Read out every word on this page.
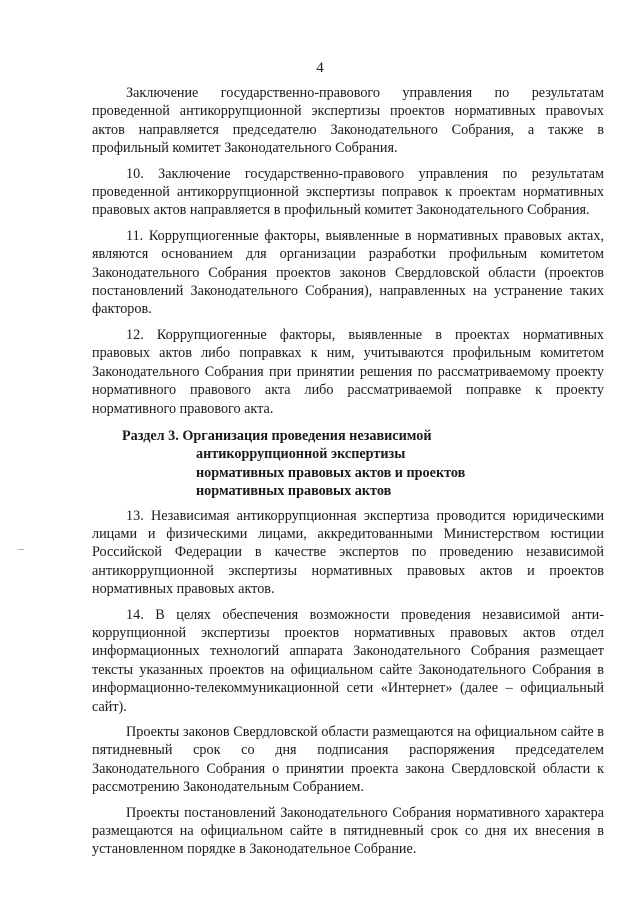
4

Заключение государственно-правового управления по результатам проведенной антикоррупционной экспертизы проектов нормативных правоvых актов направляется председателю Законодательного Собрания, а также в профильный комитет Законодательного Собрания.

10. Заключение государственно-правового управления по результатам проведенной антикоррупционной экспертизы поправок к проектам нормативных правовых актов направляется в профильный комитет Законодательного Собрания.

11. Коррупциогенные факторы, выявленные в нормативных правовых актах, являются основанием для организации разработки профильным комитетом Законодательного Собрания проектов законов Свердловской области (проектов постановлений Законодательного Собрания), направленных на устранение таких факторов.

12. Коррупциогенные факторы, выявленные в проектах нормативных правовых актов либо поправках к ним, учитываются профильным комитетом Законодательного Собрания при принятии решения по рассматриваемому проекту нормативного правового акта либо рассматриваемой поправке к проекту нормативного правового акта.

Раздел 3. Организация проведения независимой антикоррупционной экспертизы нормативных правовых актов и проектов нормативных правовых актов

13. Независимая антикоррупционная экспертиза проводится юридическими лицами и физическими лицами, аккредитованными Министерством юстиции Российской Федерации в качестве экспертов по проведению независимой антикоррупционной экспертизы нормативных правовых актов и проектов нормативных правовых актов.

14. В целях обеспечения возможности проведения независимой антикоррупционной экспертизы проектов нормативных правовых актов отдел информационных технологий аппарата Законодательного Собрания размещает тексты указанных проектов на официальном сайте Законодательного Собрания в информационно-телекоммуникационной сети «Интернет» (далее – официальный сайт).

Проекты законов Свердловской области размещаются на официальном сайте в пятидневный срок со дня подписания распоряжения председателем Законодательного Собрания о принятии проекта закона Свердловской области к рассмотрению Законодательным Собранием.

Проекты постановлений Законодательного Собрания нормативного характера размещаются на официальном сайте в пятидневный срок со дня их внесения в установленном порядке в Законодательное Собрание.
